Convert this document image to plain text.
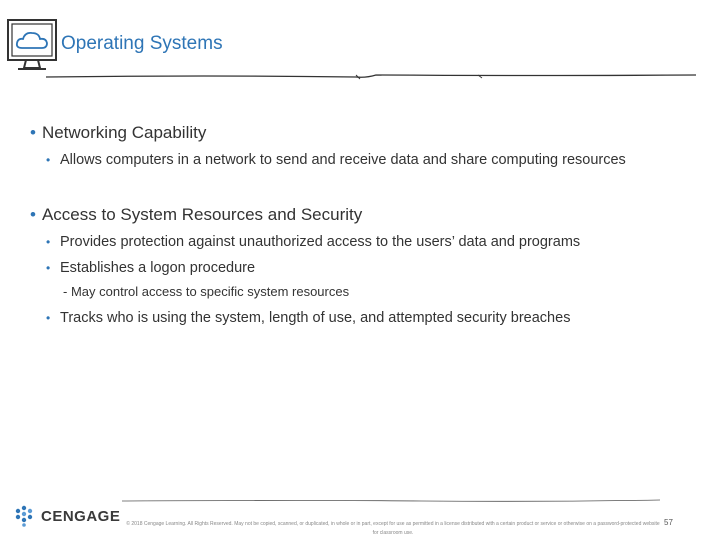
Operating Systems
• Networking Capability
• Allows computers in a network to send and receive data and share computing resources
• Access to System Resources and Security
• Provides protection against unauthorized access to the users’ data and programs
• Establishes a logon procedure
- May control access to specific system resources
• Tracks who is using the system, length of use, and attempted security breaches
CENGAGE © 2018 Cengage Learning. All Rights Reserved. May not be copied, scanned, or duplicated, in whole or in part, except for use as permitted in a license distributed with a certain product or service or otherwise on a password-protected website for classroom use.
57
